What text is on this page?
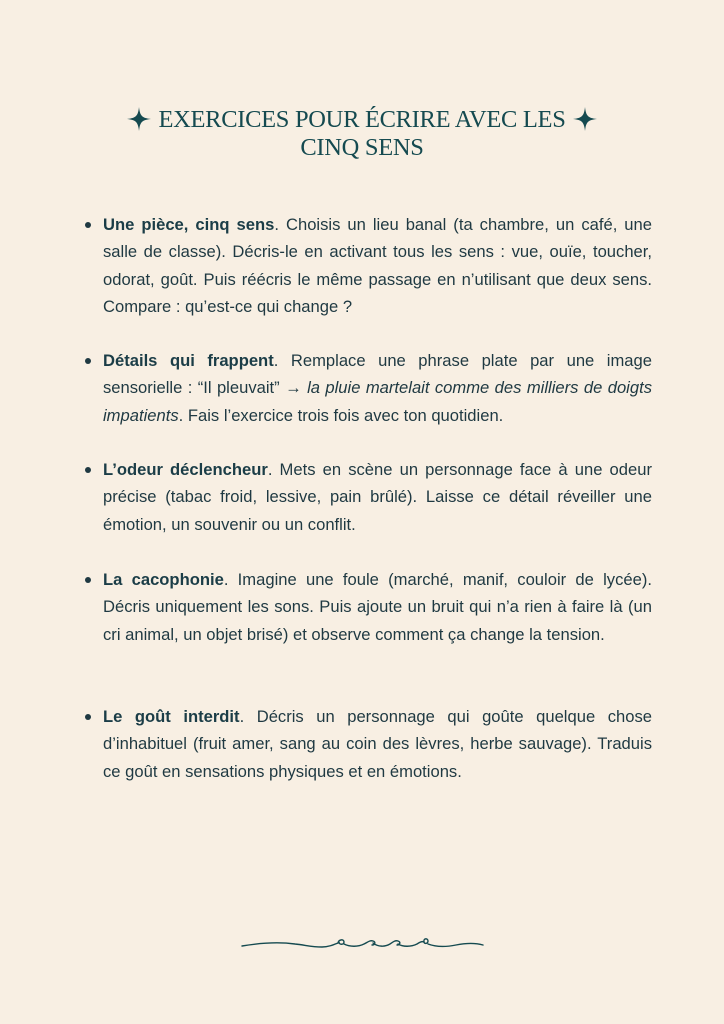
EXERCICES POUR ÉCRIRE AVEC LES
CINQ SENS
Une pièce, cinq sens. Choisis un lieu banal (ta chambre, un café, une salle de classe). Décris-le en activant tous les sens : vue, ouïe, toucher, odorat, goût. Puis réécris le même passage en n’utilisant que deux sens. Compare : qu’est-ce qui change ?
Détails qui frappent. Remplace une phrase plate par une image sensorielle : “Il pleuvait” → la pluie martelait comme des milliers de doigts impatients. Fais l’exercice trois fois avec ton quotidien.
L’odeur déclencheur. Mets en scène un personnage face à une odeur précise (tabac froid, lessive, pain brûlé). Laisse ce détail réveiller une émotion, un souvenir ou un conflit.
La cacophonie. Imagine une foule (marché, manif, couloir de lycée). Décris uniquement les sons. Puis ajoute un bruit qui n’a rien à faire là (un cri animal, un objet brisé) et observe comment ça change la tension.
Le goût interdit. Décris un personnage qui goûte quelque chose d’inhabituel (fruit amer, sang au coin des lèvres, herbe sauvage). Traduis ce goût en sensations physiques et en émotions.
